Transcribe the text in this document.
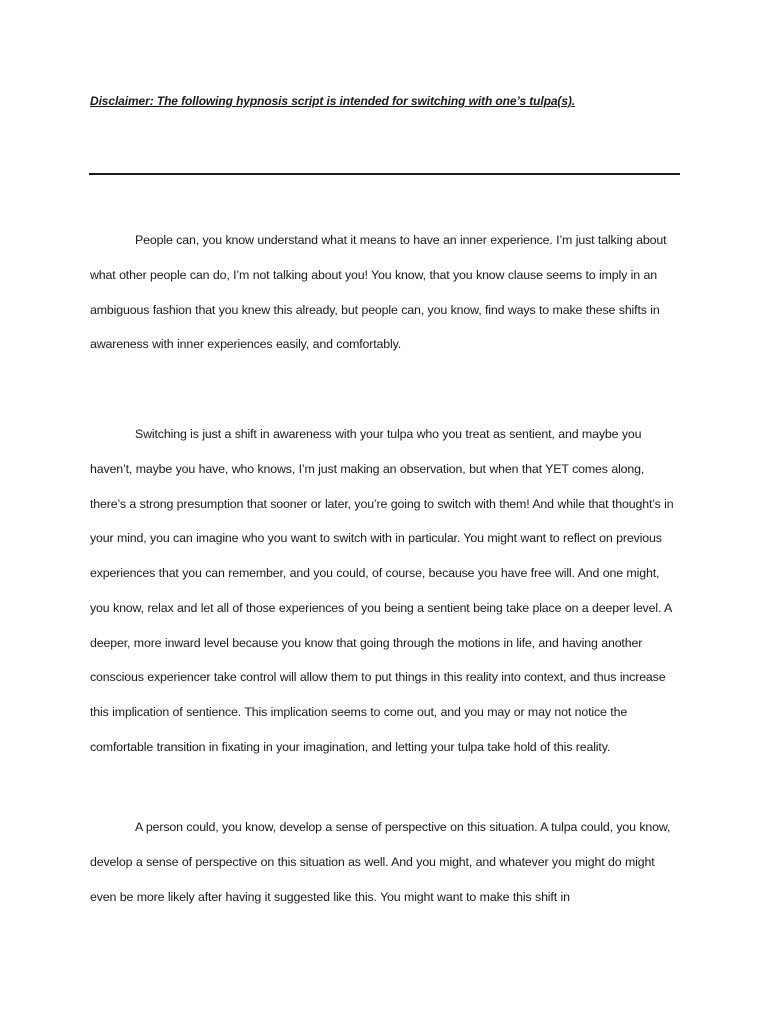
Disclaimer: The following hypnosis script is intended for switching with one’s tulpa(s).

People can, you know understand what it means to have an inner experience. I’m just talking about what other people can do, I’m not talking about you! You know, that you know clause seems to imply in an ambiguous fashion that you knew this already, but people can, you know, find ways to make these shifts in awareness with inner experiences easily, and comfortably.

Switching is just a shift in awareness with your tulpa who you treat as sentient, and maybe you haven’t, maybe you have, who knows, I’m just making an observation, but when that YET comes along, there’s a strong presumption that sooner or later, you’re going to switch with them! And while that thought’s in your mind, you can imagine who you want to switch with in particular. You might want to reflect on previous experiences that you can remember, and you could, of course, because you have free will. And one might, you know, relax and let all of those experiences of you being a sentient being take place on a deeper level. A deeper, more inward level because you know that going through the motions in life, and having another conscious experiencer take control will allow them to put things in this reality into context, and thus increase this implication of sentience. This implication seems to come out, and you may or may not notice the comfortable transition in fixating in your imagination, and letting your tulpa take hold of this reality.

A person could, you know, develop a sense of perspective on this situation. A tulpa could, you know, develop a sense of perspective on this situation as well. And you might, and whatever you might do might even be more likely after having it suggested like this. You might want to make this shift in
